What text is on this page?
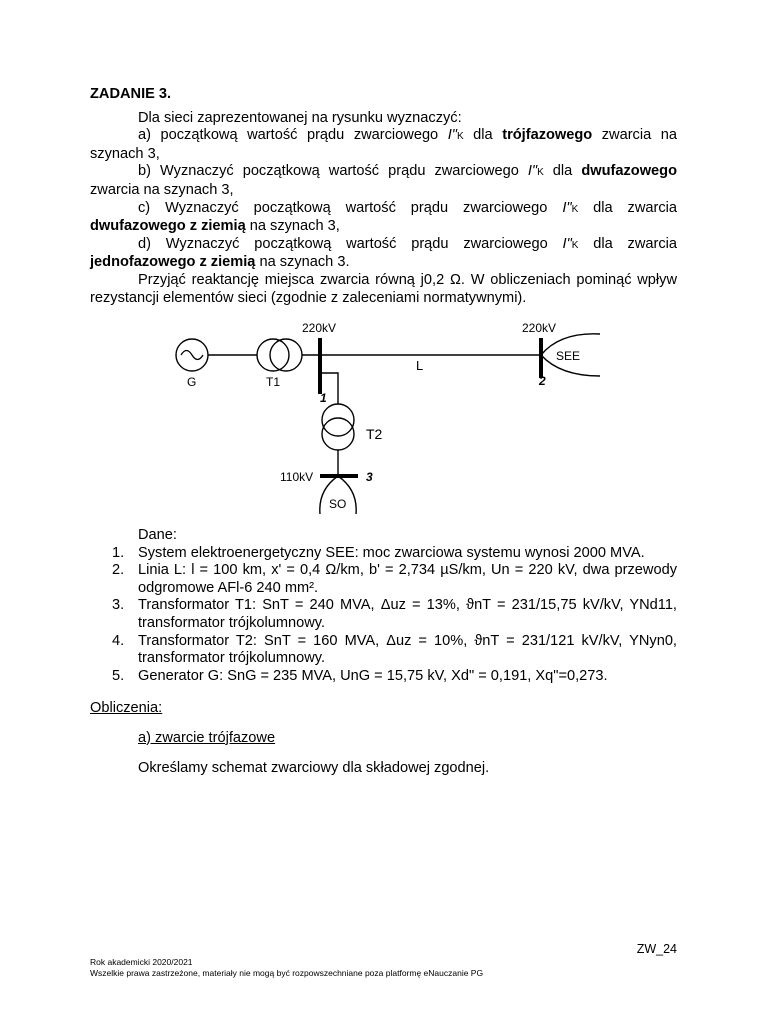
ZADANIE 3.
Dla sieci zaprezentowanej na rysunku wyznaczyć:
a) początkową wartość prądu zwarciowego I"K dla trójfazowego zwarcia na szynach 3,
b) Wyznaczyć początkową wartość prądu zwarciowego I"K dla dwufazowego zwarcia na szynach 3,
c) Wyznaczyć początkową wartość prądu zwarciowego I"K dla zwarcia dwufazowego z ziemią na szynach 3,
d) Wyznaczyć początkową wartość prądu zwarciowego I"K dla zwarcia jednofazowego z ziemią na szynach 3.
Przyjąć reaktancję miejsca zwarcia równą j0,2 Ω. W obliczeniach pominąć wpływ rezystancji elementów sieci (zgodnie z zaleceniami normatywnymi).
220kV	220kV
110kV
G	T1
T2
L
SEE
SO
1
2
3
Dane:
1. System elektroenergetyczny SEE: moc zwarciowa systemu wynosi 2000 MVA.
2. Linia L: l = 100 km, x' = 0,4 Ω/km, b' = 2,734 µS/km, Un = 220 kV, dwa przewody odgromowe AFl-6 240 mm².
3. Transformator T1: SnT = 240 MVA, Δuz = 13%, ϑnT = 231/15,75 kV/kV, YNd11, transformator trójkolumnowy.
4. Transformator T2: SnT = 160 MVA, Δuz = 10%, ϑnT = 231/121 kV/kV, YNyn0, transformator trójkolumnowy.
5. Generator G: SnG = 235 MVA, UnG = 15,75 kV, Xd" = 0,191, Xq"=0,273.
Obliczenia:
a) zwarcie trójfazowe
Określamy schemat zwarciowy dla składowej zgodnej.
ZW_24
Rok akademicki 2020/2021
Wszelkie prawa zastrzeżone, materiały nie mogą być rozpowszechniane poza platformę eNauczanie PG
